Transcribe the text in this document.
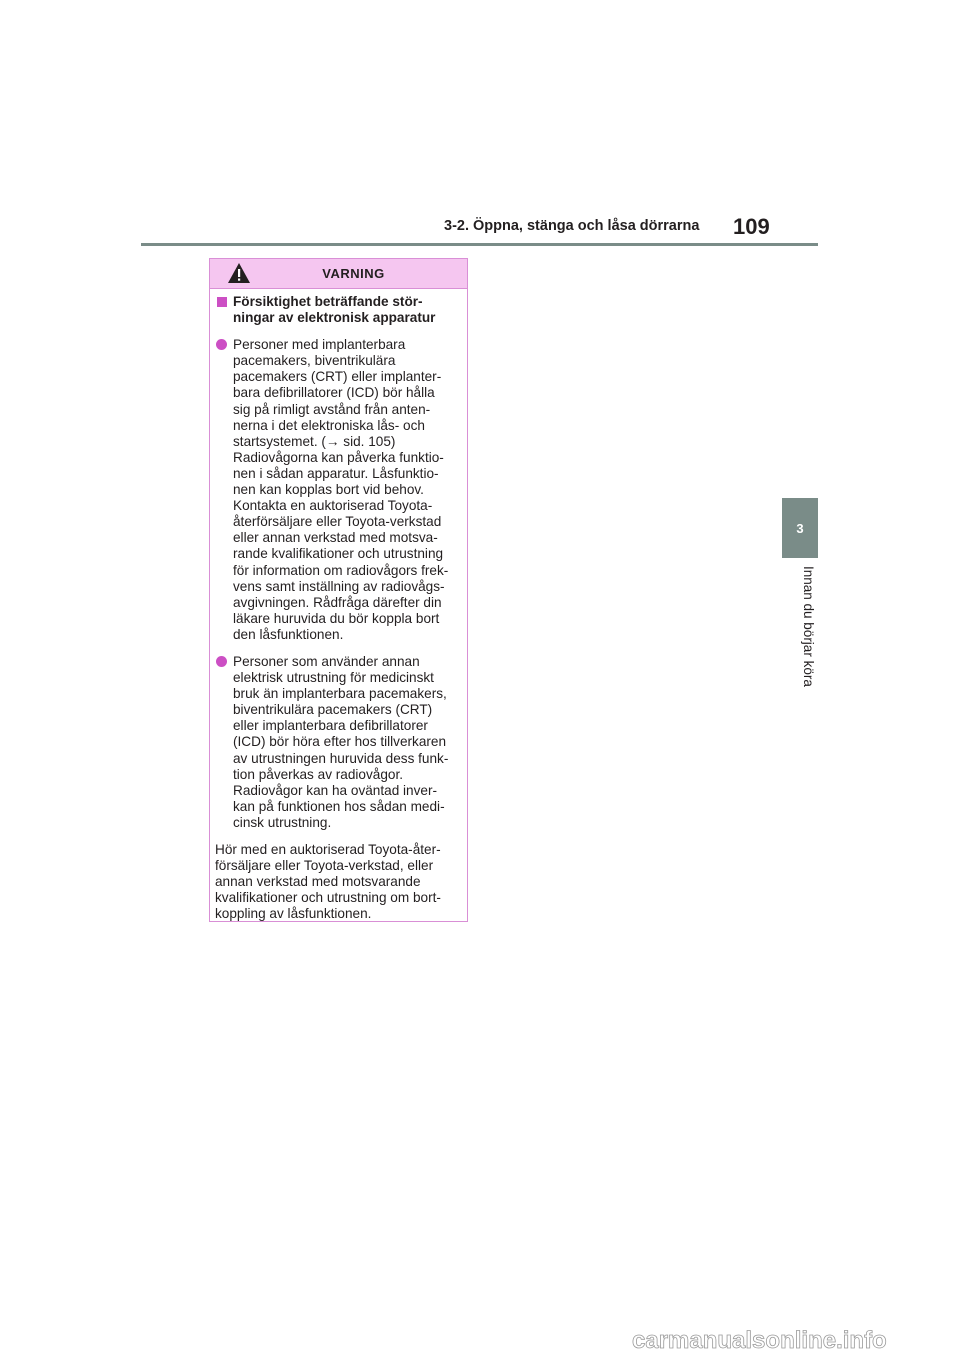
3-2. Öppna, stänga och låsa dörrarna 109
3
Innan du börjar köra
VARNING

Försiktighet beträffande stör-
ningar av elektronisk apparatur

Personer med implanterbara
pacemakers, biventrikulära
pacemakers (CRT) eller implanter-
bara defibrillatorer (ICD) bör hålla
sig på rimligt avstånd från anten-
nerna i det elektroniska lås- och
startsystemet. (→ sid. 105)
Radiovågorna kan påverka funktio-
nen i sådan apparatur. Låsfunktio-
nen kan kopplas bort vid behov.
Kontakta en auktoriserad Toyota-
återförsäljare eller Toyota-verkstad
eller annan verkstad med motsva-
rande kvalifikationer och utrustning
för information om radiovågors frek-
vens samt inställning av radiovågs-
avgivningen. Rådfråga därefter din
läkare huruvida du bör koppla bort
den låsfunktionen.

Personer som använder annan
elektrisk utrustning för medicinskt
bruk än implanterbara pacemakers,
biventrikulära pacemakers (CRT)
eller implanterbara defibrillatorer
(ICD) bör höra efter hos tillverkaren
av utrustningen huruvida dess funk-
tion påverkas av radiovågor.
Radiovågor kan ha oväntad inver-
kan på funktionen hos sådan medi-
cinsk utrustning.

Hör med en auktoriserad Toyota-åter-
försäljare eller Toyota-verkstad, eller
annan verkstad med motsvarande
kvalifikationer och utrustning om bort-
koppling av låsfunktionen.

carmanualsonline.info
